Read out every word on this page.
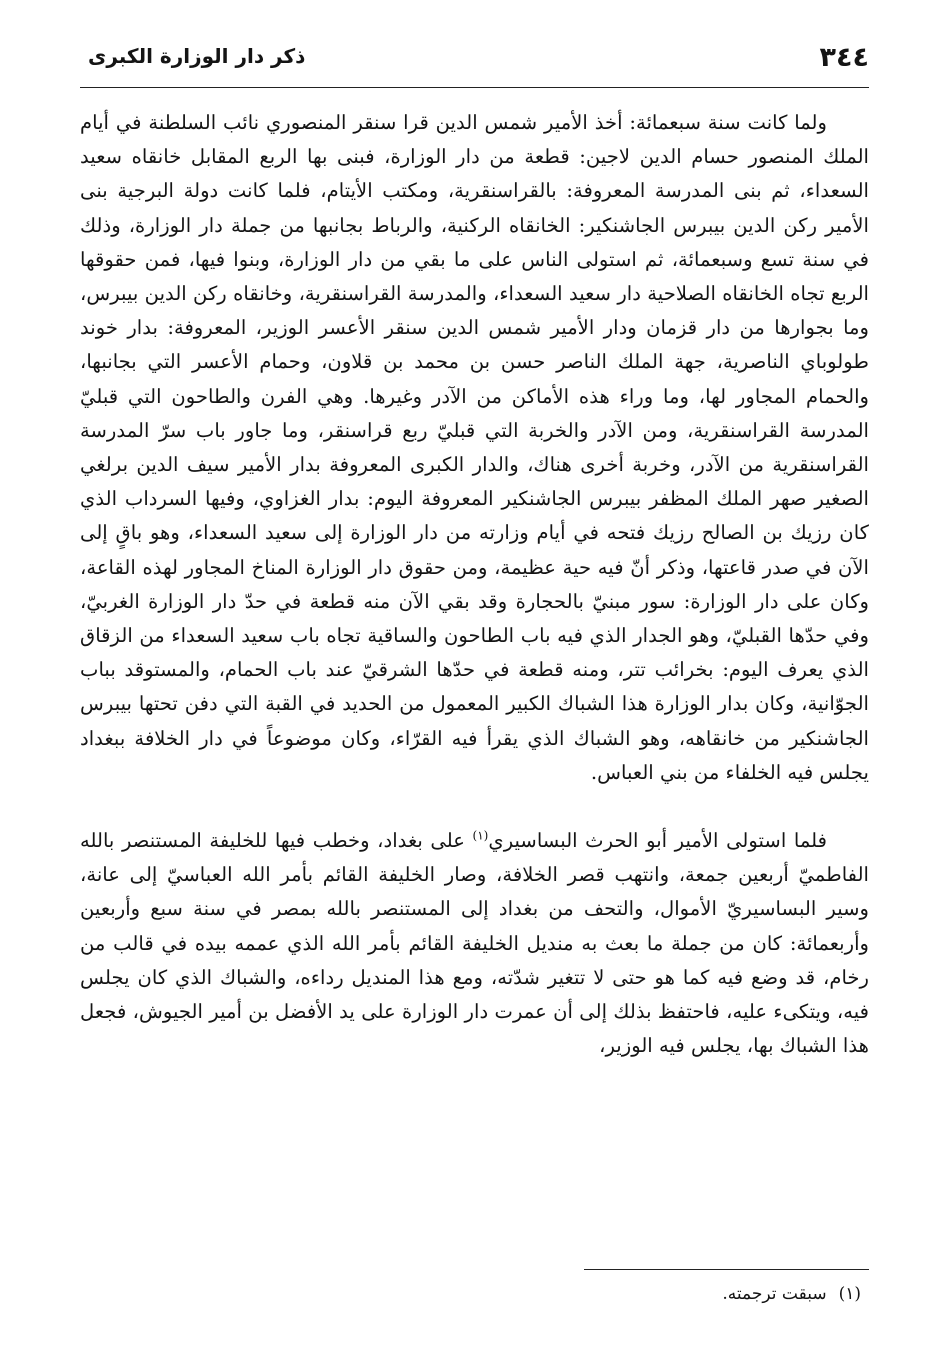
٣٤٤
ذكر دار الوزارة الكبرى

ولما كانت سنة سبعمائة: أخذ الأمير شمس الدين قرا سنقر المنصوري نائب السلطنة في أيام الملك المنصور حسام الدين لاجين: قطعة من دار الوزارة، فبنى بها الربع المقابل خانقاه سعيد السعداء، ثم بنى المدرسة المعروفة: بالقراسنقرية، ومكتب الأيتام، فلما كانت دولة البرجية بنى الأمير ركن الدين بيبرس الجاشنكير: الخانقاه الركنية، والرباط بجانبها من جملة دار الوزارة، وذلك في سنة تسع وسبعمائة، ثم استولى الناس على ما بقي من دار الوزارة، وبنوا فيها، فمن حقوقها الربع تجاه الخانقاه الصلاحية دار سعيد السعداء، والمدرسة القراسنقرية، وخانقاه ركن الدين بيبرس، وما بجوارها من دار قزمان ودار الأمير شمس الدين سنقر الأعسر الوزير، المعروفة: بدار خوند طولوباي الناصرية، جهة الملك الناصر حسن بن محمد بن قلاون، وحمام الأعسر التي بجانبها، والحمام المجاور لها، وما وراء هذه الأماكن من الآدر وغيرها. وهي الفرن والطاحون التي قبليّ المدرسة القراسنقرية، ومن الآدر والخربة التي قبليّ ربع قراسنقر، وما جاور باب سرّ المدرسة القراسنقرية من الآدر، وخربة أخرى هناك، والدار الكبرى المعروفة بدار الأمير سيف الدين برلغي الصغير صهر الملك المظفر بيبرس الجاشنكير المعروفة اليوم: بدار الغزاوي، وفيها السرداب الذي كان رزيك بن الصالح رزيك فتحه في أيام وزارته من دار الوزارة إلى سعيد السعداء، وهو باقٍ إلى الآن في صدر قاعتها، وذكر أنّ فيه حية عظيمة، ومن حقوق دار الوزارة المناخ المجاور لهذه القاعة، وكان على دار الوزارة: سور مبنيّ بالحجارة وقد بقي الآن منه قطعة في حدّ دار الوزارة الغربيّ، وفي حدّها القبليّ، وهو الجدار الذي فيه باب الطاحون والساقية تجاه باب سعيد السعداء من الزقاق الذي يعرف اليوم: بخرائب تتر، ومنه قطعة في حدّها الشرقيّ عند باب الحمام، والمستوقد بباب الجوّانية، وكان بدار الوزارة هذا الشباك الكبير المعمول من الحديد في القبة التي دفن تحتها بيبرس الجاشنكير من خانقاهه، وهو الشباك الذي يقرأ فيه القرّاء، وكان موضوعاً في دار الخلافة ببغداد يجلس فيه الخلفاء من بني العباس.

فلما استولى الأمير أبو الحرث البساسيري$^{(١)}$ على بغداد، وخطب فيها للخليفة المستنصر بالله الفاطميّ أربعين جمعة، وانتهب قصر الخلافة، وصار الخليفة القائم بأمر الله العباسيّ إلى عانة، وسير البساسيريّ الأموال، والتحف من بغداد إلى المستنصر بالله بمصر في سنة سبع وأربعين وأربعمائة: كان من جملة ما بعث به منديل الخليفة القائم بأمر الله الذي عممه بيده في قالب من رخام، قد وضع فيه كما هو حتى لا تتغير شدّته، ومع هذا المنديل رداءه، والشباك الذي كان يجلس فيه، ويتكىء عليه، فاحتفظ بذلك إلى أن عمرت دار الوزارة على يد الأفضل بن أمير الجيوش، فجعل هذا الشباك بها، يجلس فيه الوزير،

(١)سبقت ترجمته.
